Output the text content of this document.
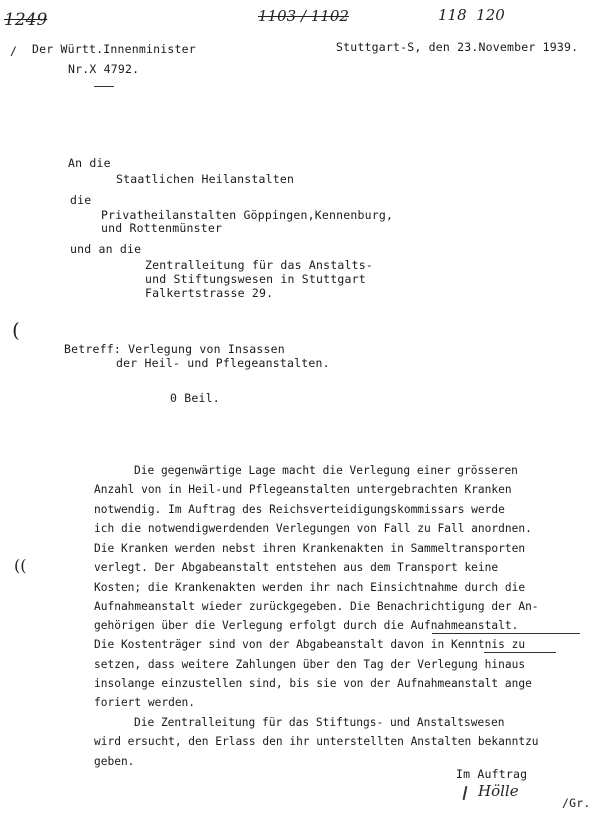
1249	1103 / 1102	118  120
/ Der Württ.Innenminister	Stuttgart-S, den 23.November 1939.
Nr.X 4792.
An die
Staatlichen Heilanstalten
die
Privatheilanstalten Göppingen,Kennenburg,
und Rottenmünster
und an die
Zentralleitung für das Anstalts-
und Stiftungswesen in Stuttgart
Falkertstrasse 29.
(
Betreff: Verlegung von Insassen
der Heil- und Pflegeanstalten.
0 Beil.
Die gegenwärtige Lage macht die Verlegung einer grösseren
Anzahl von in Heil-und Pflegeanstalten untergebrachten Kranken
notwendig. Im Auftrag des Reichsverteidigungskommissars werde
ich die notwendigwerdenden Verlegungen von Fall zu Fall anordnen.
Die Kranken werden nebst ihren Krankenakten in Sammeltransporten
((	verlegt. Der Abgabeanstalt entstehen aus dem Transport keine
Kosten; die Krankenakten werden ihr nach Einsichtnahme durch die
Aufnahmeanstalt wieder zurückgegeben. Die Benachrichtigung der An-
gehörigen über die Verlegung erfolgt durch die Aufnahmeanstalt.
Die Kostenträger sind von der Abgabeanstalt davon in Kenntnis zu
setzen, dass weitere Zahlungen über den Tag der Verlegung hinaus
insolange einzustellen sind, bis sie von der Aufnahmeanstalt ange
foriert werden.
Die Zentralleitung für das Stiftungs- und Anstaltswesen
wird ersucht, den Erlass den ihr unterstellten Anstalten bekanntzu
geben.
Im Auftrag
Hölle
/Gr.
